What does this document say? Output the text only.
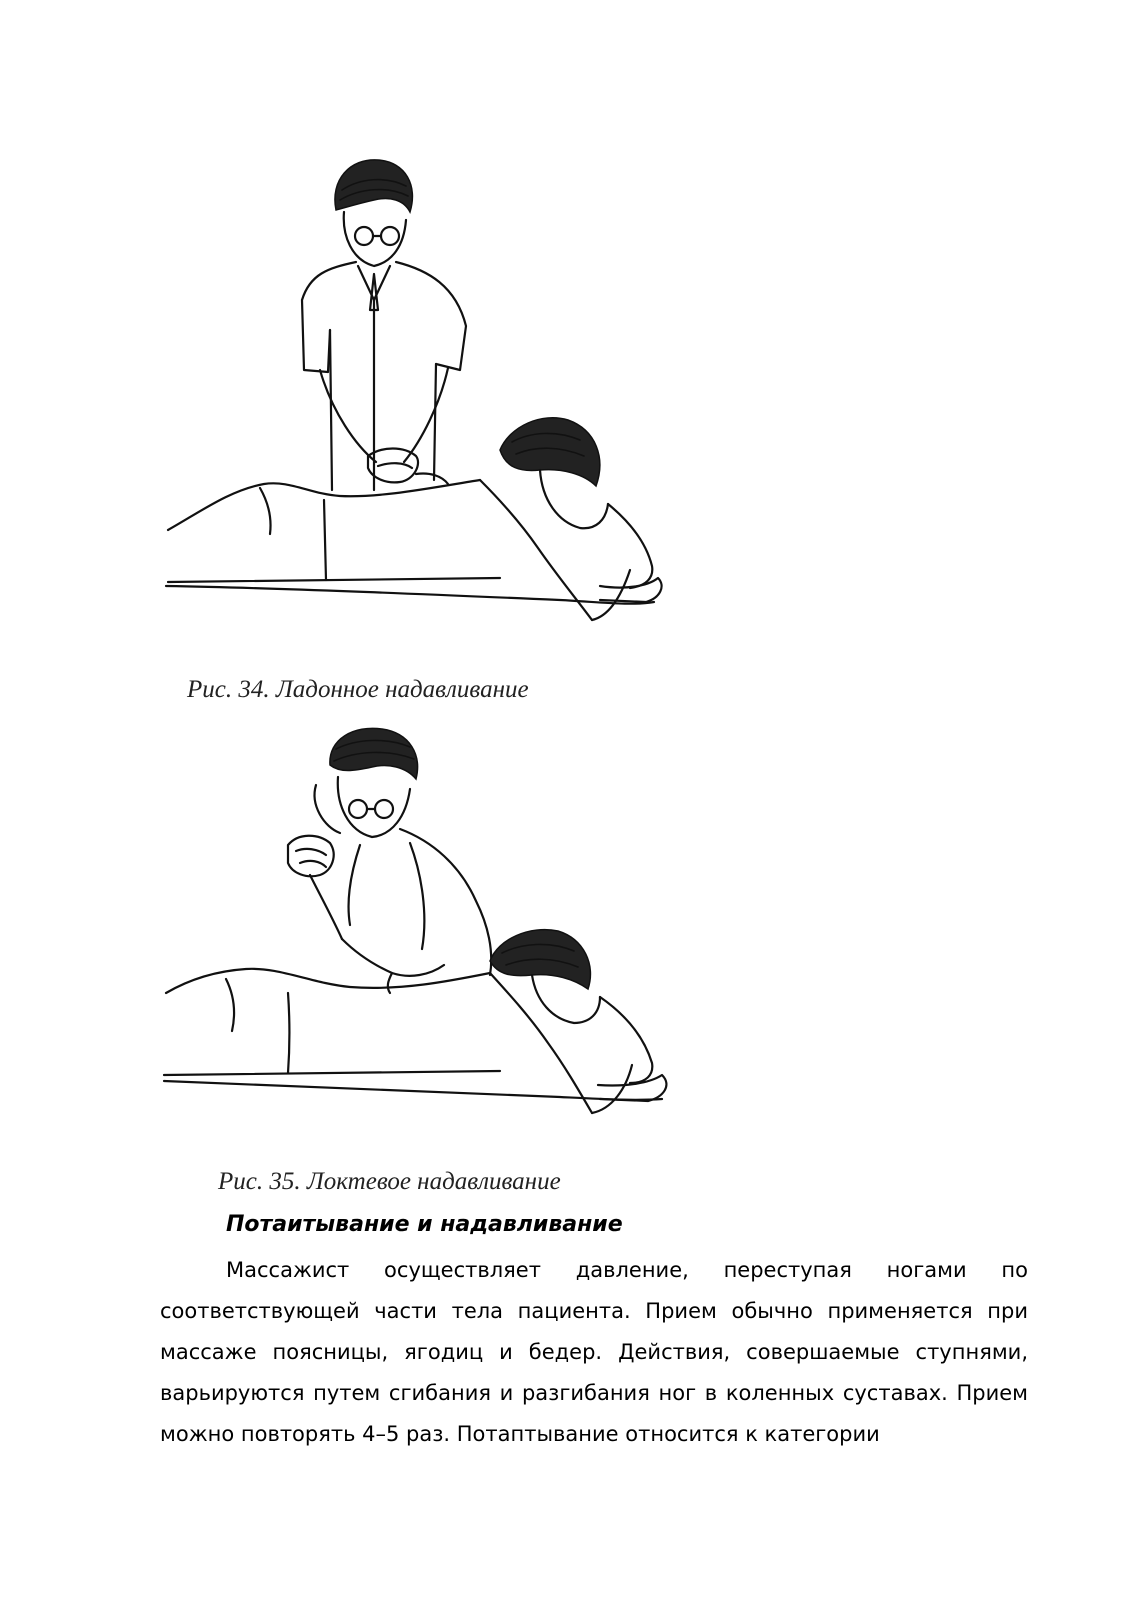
Рис. 34. Ладонное надавливание
Рис. 35. Локтевое надавливание
Потаитывание и надавливание

Массажист осуществляет давление, переступая ногами по соответствующей части тела пациента. Прием обычно применяется при массаже поясницы, ягодиц и бедер. Действия, совершаемые ступнями, варьируются путем сгибания и разгибания ног в коленных суставах. Прием можно повторять 4–5 раз. Потаптывание относится к категории
